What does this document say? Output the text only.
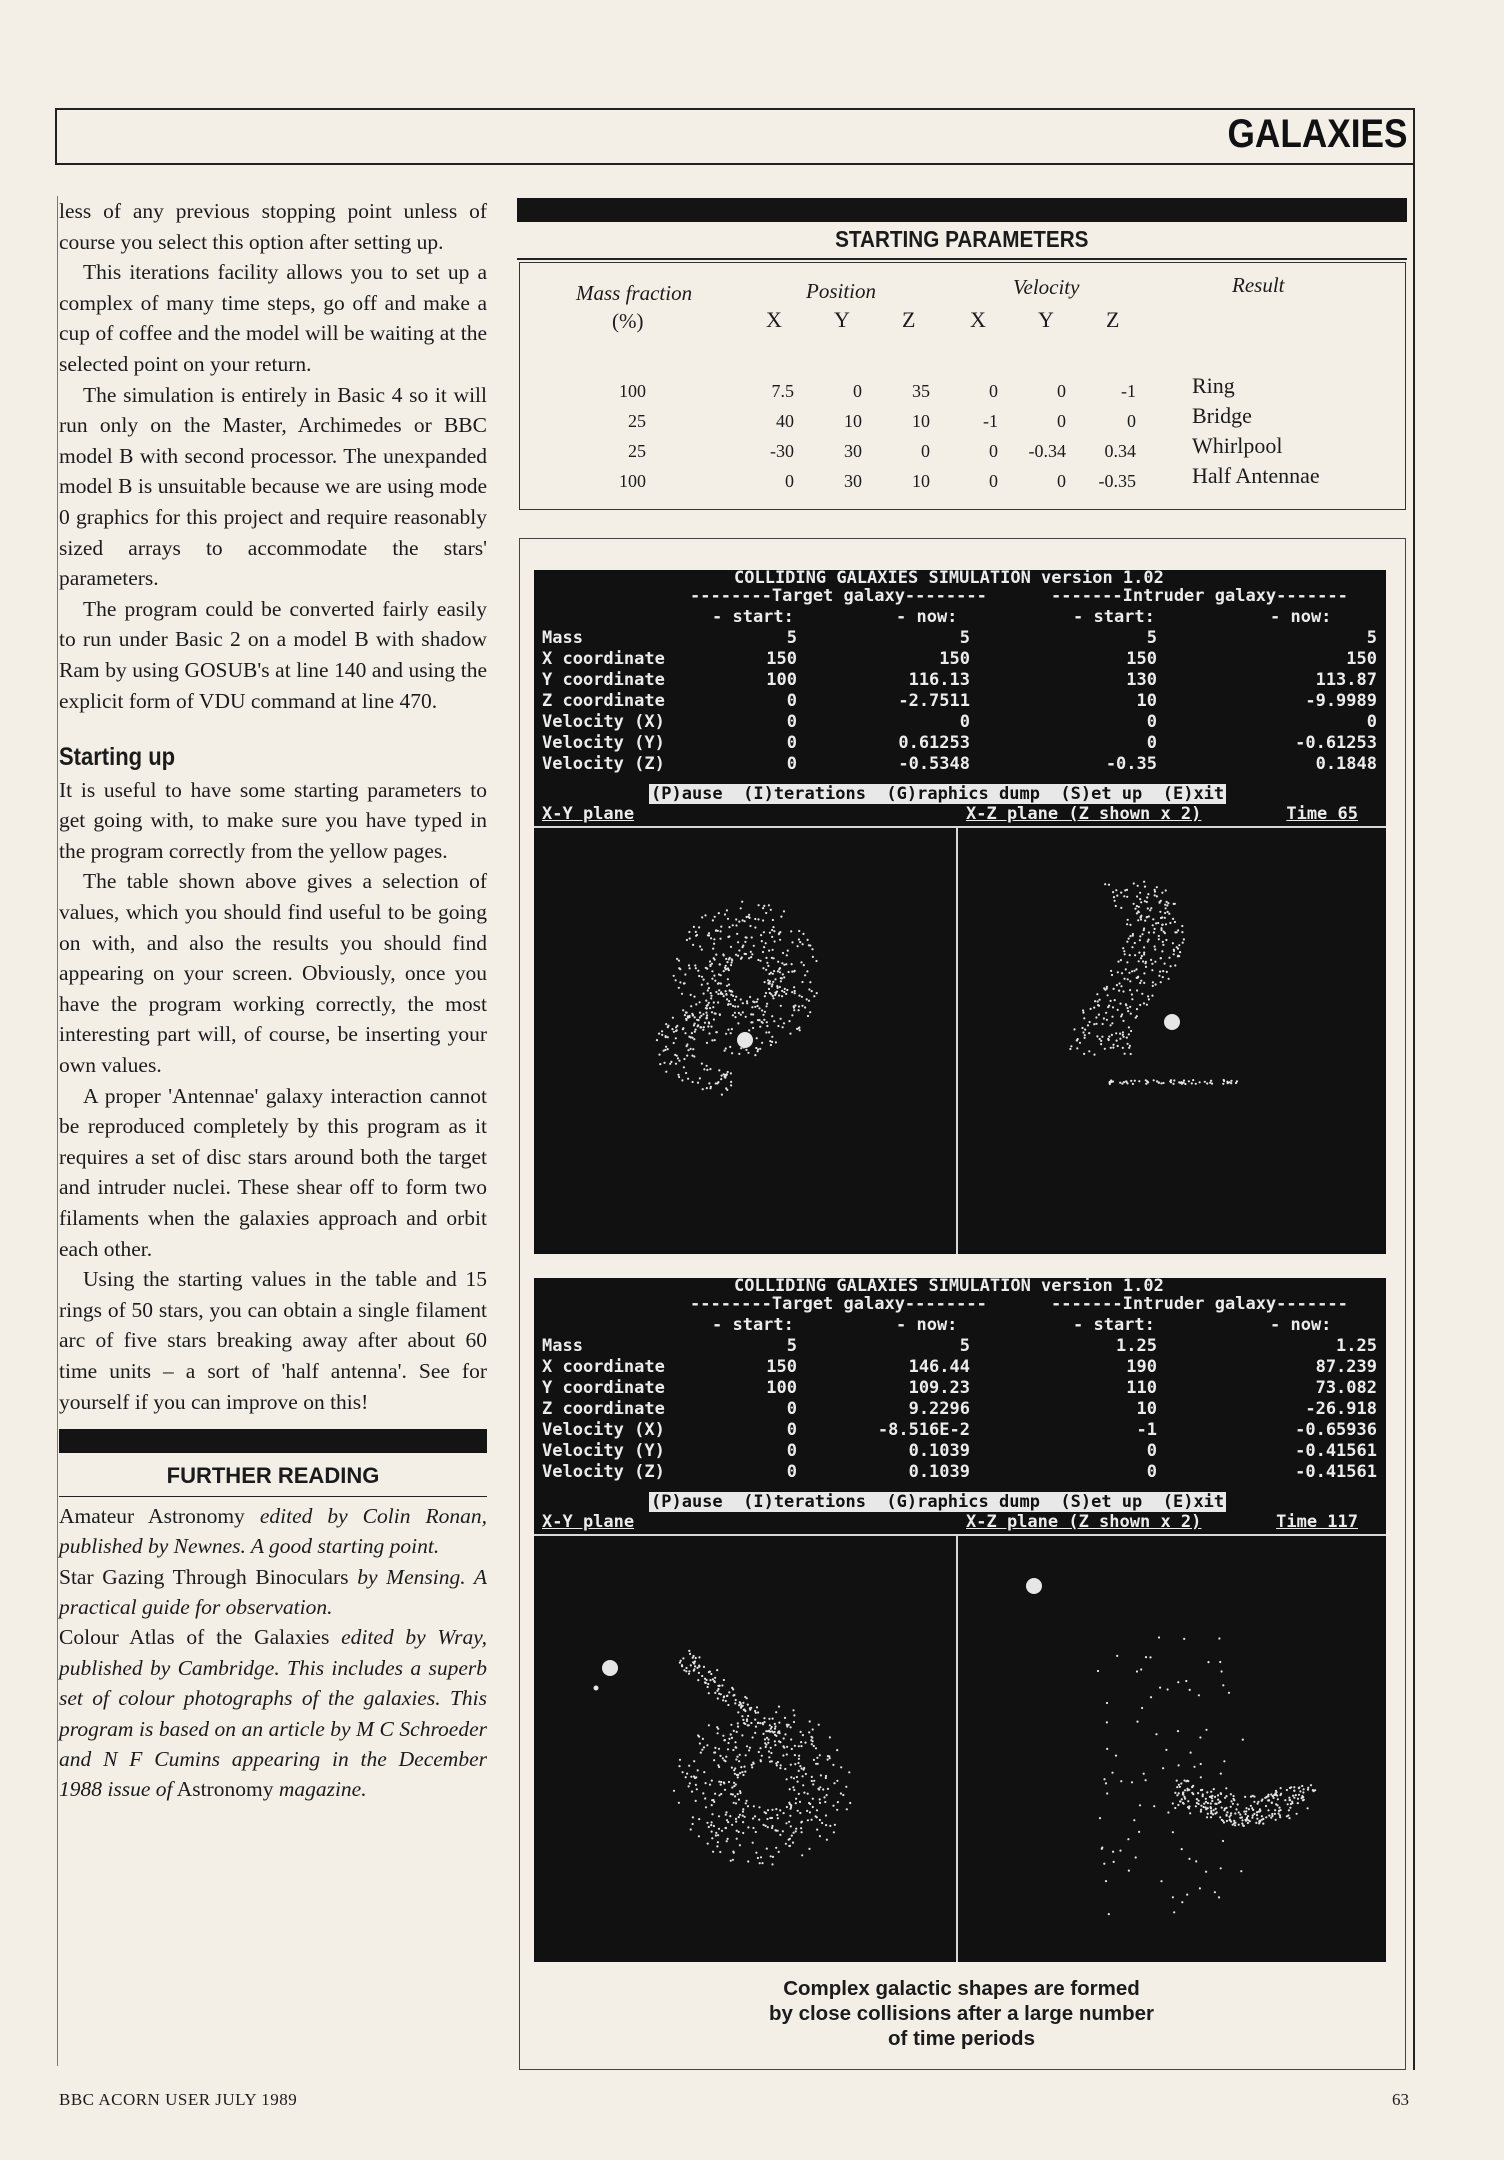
GALAXIES

less of any previous stopping point unless of course you select this option after setting up.

This iterations facility allows you to set up a complex of many time steps, go off and make a cup of coffee and the model will be waiting at the selected point on your return.

The simulation is entirely in Basic 4 so it will run only on the Master, Archimedes or BBC model B with second processor. The unexpanded model B is unsuitable because we are using mode 0 graphics for this project and require reasonably sized arrays to accommodate the stars' parameters.

The program could be converted fairly easily to run under Basic 2 on a model B with shadow Ram by using GOSUB's at line 140 and using the explicit form of VDU command at line 470.

Starting up

It is useful to have some starting parameters to get going with, to make sure you have typed in the program correctly from the yellow pages.

The table shown above gives a selection of values, which you should find useful to be going on with, and also the results you should find appearing on your screen. Obviously, once you have the program working correctly, the most interesting part will, of course, be inserting your own values.

A proper 'Antennae' galaxy interaction cannot be reproduced completely by this program as it requires a set of disc stars around both the target and intruder nuclei. These shear off to form two filaments when the galaxies approach and orbit each other.

Using the starting values in the table and 15 rings of 50 stars, you can obtain a single filament arc of five stars breaking away after about 60 time units – a sort of 'half antenna'. See for yourself if you can improve on this!

FURTHER READING

Amateur Astronomy edited by Colin Ronan, published by Newnes. A good starting point.

Star Gazing Through Binoculars by Mensing. A practical guide for observation.

Colour Atlas of the Galaxies edited by Wray, published by Cambridge. This includes a superb set of colour photographs of the galaxies. This program is based on an article by M C Schroeder and N F Cumins appearing in the December 1988 issue of Astronomy magazine.

STARTING PARAMETERS
Mass fraction
(%)
Position	Velocity	Result
X Y Z X Y Z
100	7.5	0	35	0	0	-1	Ring
25	40	10	10	-1	0	0	Bridge
25	-30	30	0	0	-0.34	0.34	Whirlpool
100	0	30	10	0	0	-0.35	Half Antennae
COLLIDING GALAXIES SIMULATION version 1.02
--------Target galaxy--------	-------Intruder galaxy-------
- start:	- now:	- start:	- now:
Mass	5	5	5	5
X coordinate	150	150	150	150
Y coordinate	100	116.13	130	113.87
Z coordinate	0	-2.7511	10	-9.9989
Velocity (X)	0	0	0	0
Velocity (Y)	0	0.61253	0	-0.61253
Velocity (Z)	0	-0.5348	-0.35	0.1848
(P)ause  (I)terations  (G)raphics dump  (S)et up  (E)xit
X-Y plane	X-Z plane (Z shown x 2)	Time 65
COLLIDING GALAXIES SIMULATION version 1.02
--------Target galaxy--------	-------Intruder galaxy-------
- start:	- now:	- start:	- now:
Mass	5	5	1.25	1.25
X coordinate	150	146.44	190	87.239
Y coordinate	100	109.23	110	73.082
Z coordinate	0	9.2296	10	-26.918
Velocity (X)	0	-8.516E-2	-1	-0.65936
Velocity (Y)	0	0.1039	0	-0.41561
Velocity (Z)	0	0.1039	0	-0.41561
(P)ause  (I)terations  (G)raphics dump  (S)et up  (E)xit
X-Y plane	X-Z plane (Z shown x 2)	Time 117
Complex galactic shapes are formed
by close collisions after a large number
of time periods
BBC ACORN USER JULY 1989	63
